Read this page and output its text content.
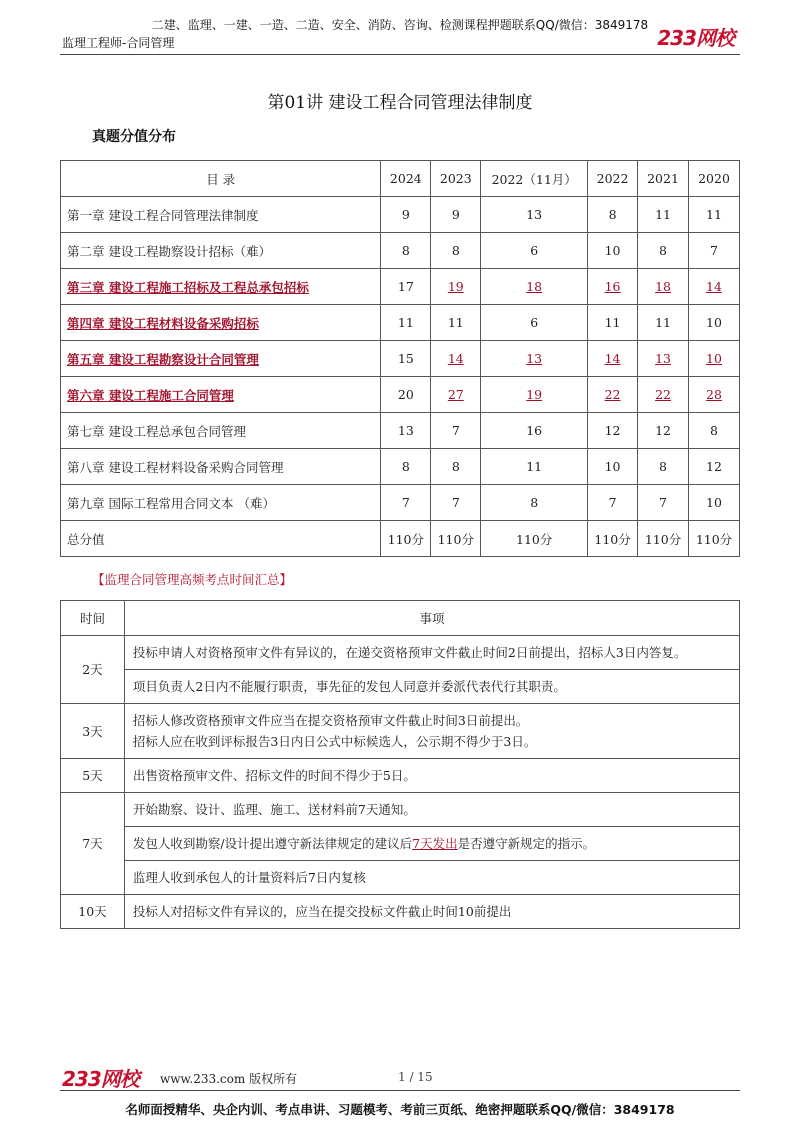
二建、监理、一建、一造、二造、安全、消防、咨询、检测课程押题联系QQ/微信：3849178
监理工程师-合同管理	233网校
第01讲 建设工程合同管理法律制度
真题分值分布
目 录	2024	2023	2022（11月）	2022	2021	2020
第一章 建设工程合同管理法律制度	9	9	13	8	11	11
第二章 建设工程勘察设计招标（难）	8	8	6	10	8	7
第三章 建设工程施工招标及工程总承包招标	17	19	18	16	18	14
第四章 建设工程材料设备采购招标	11	11	6	11	11	10
第五章 建设工程勘察设计合同管理	15	14	13	14	13	10
第六章 建设工程施工合同管理	20	27	19	22	22	28
第七章 建设工程总承包合同管理	13	7	16	12	12	8
第八章 建设工程材料设备采购合同管理	8	8	11	10	8	12
第九章 国际工程常用合同文本 （难）	7	7	8	7	7	10
总分值	110分	110分	110分	110分	110分	110分
【监理合同管理高频考点时间汇总】
时间	事项
2天	投标申请人对资格预审文件有异议的，在递交资格预审文件截止时间2日前提出，招标人3日内答复。
	项目负责人2日内不能履行职责，事先征的发包人同意并委派代表代行其职责。
3天	招标人修改资格预审文件应当在提交资格预审文件截止时间3日前提出。
招标人应在收到评标报告3日内日公式中标候选人，公示期不得少于3日。

5天	出售资格预审文件、招标文件的时间不得少于5日。
7天	开始勘察、设计、监理、施工、送材料前7天通知。
	发包人收到勘察/设计提出遵守新法律规定的建议后7天发出是否遵守新规定的指示。
	监理人收到承包人的计量资料后7日内复核
10天	投标人对招标文件有异议的，应当在提交投标文件截止时间10前提出
233网校 www.233.com 版权所有	1 / 15
名师面授精华、央企内训、考点串讲、习题模考、考前三页纸、绝密押题联系QQ/微信：3849178
